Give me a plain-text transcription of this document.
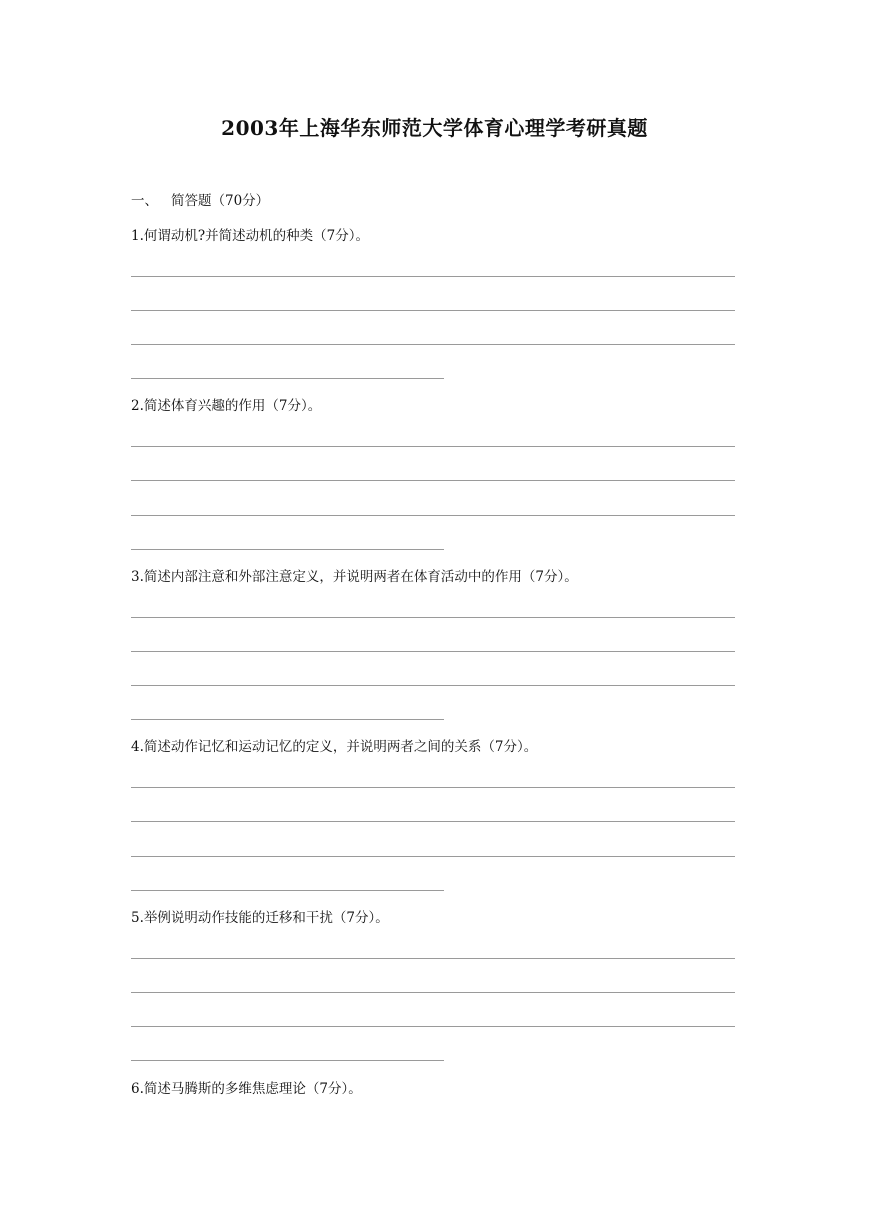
2003年上海华东师范大学体育心理学考研真题
一、 简答题（70分）
1.何谓动机?并简述动机的种类（7分）。
2.简述体育兴趣的作用（7分）。
3.简述内部注意和外部注意定义，并说明两者在体育活动中的作用（7分）。
4.简述动作记忆和运动记忆的定义，并说明两者之间的关系（7分）。
5.举例说明动作技能的迁移和干扰（7分）。
6.简述马腾斯的多维焦虑理论（7分）。
